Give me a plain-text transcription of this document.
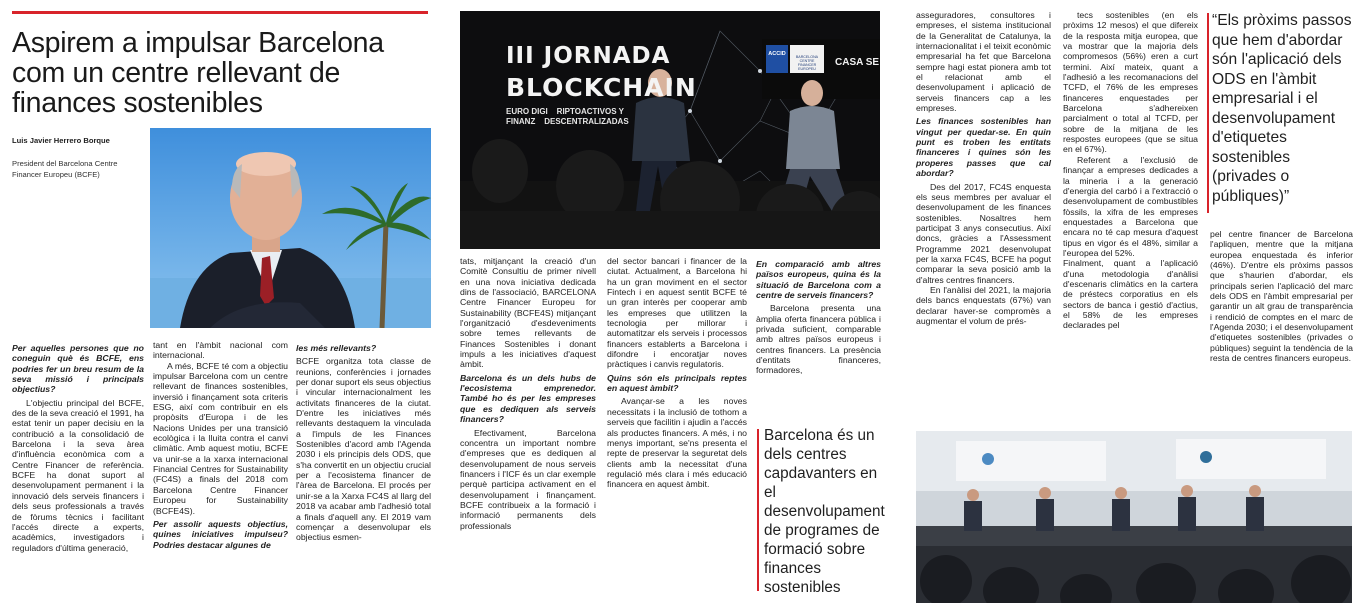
Aspirem a impulsar Barcelona com un centre rellevant de finances sostenibles
Luis Javier Herrero Borque
President del Barcelona Centre Financer Europeu (BCFE)
III JORNADA
BLOCKCHAIN
EURO DIGI    RIPTOACTIVOS Y
FINANZ    DESCENTRALIZADAS
ACCID	BARCELONA CENTRE FINANCER EUROPEU
CASA SE

Per aquelles persones que no coneguin què és BCFE, ens podries fer un breu resum de la seva missió i principals objectius?

L'objectiu principal del BCFE, des de la seva creació el 1991, ha estat tenir un paper decisiu en la contribució a la consolidació de Barcelona i la seva àrea d'influència econòmica com a Centre Financer de referència. BCFE ha donat suport al desenvolupament permanent i la innovació dels serveis financers i dels seus professionals a través de fòrums tècnics i facilitant l'accés directe a experts, acadèmics, investigadors i reguladors d'última generació,

tant en l'àmbit nacional com internacional.

A més, BCFE té com a objectiu impulsar Barcelona com un centre rellevant de finances sostenibles, inversió i finançament sota criteris ESG, així com contribuir en els propòsits d'Europa i de les Nacions Unides per una transició ecològica i la lluita contra el canvi climàtic. Amb aquest motiu, BCFE va unir-se a la xarxa internacional Financial Centres for Sustainability (FC4S) a finals del 2018 com Barcelona Centre Financer Europeu for Sustainability (BCFE4S).

Per assolir aquests objectius, quines iniciatives impulseu? Podries destacar algunes de

les més rellevants?

BCFE organitza tota classe de reunions, conferències i jornades per donar suport els seus objectius i vincular internacionalment les activitats financeres de la ciutat. D'entre les iniciatives més rellevants destaquem la vinculada a l'impuls de les Finances Sostenibles d'acord amb l'Agenda 2030 i els principis dels ODS, que s'ha convertit en un objectiu crucial per a l'ecosistema financer de l'àrea de Barcelona. El procés per unir-se a la Xarxa FC4S al llarg del 2018 va acabar amb l'adhesió total a finals d'aquell any. El 2019 vam començar a desenvolupar els objectius esmen-

tats, mitjançant la creació d'un Comitè Consultiu de primer nivell en una nova iniciativa dedicada dins de l'associació, BARCELONA Centre Financer Europeu for Sustainability (BCFE4S) mitjançant l'organització d'esdeveniments sobre temes rellevants de Finances Sostenibles i donant impuls a les iniciatives d'aquest àmbit.

Barcelona és un dels hubs de l'ecosistema emprenedor. També ho és per les empreses que es dediquen als serveis financers?

Efectivament, Barcelona concentra un important nombre d'empreses que es dediquen al desenvolupament de nous serveis financers i l'ICF és un clar exemple perquè participa activament en el desenvolupament i finançament. BCFE contribueix a la formació i informació permanents dels professionals

del sector bancari i financer de la ciutat. Actualment, a Barcelona hi ha un gran moviment en el sector Fintech i en aquest sentit BCFE té un gran interès per cooperar amb les empreses que utilitzen la tecnologia per millorar i automatitzar els serveis i processos financers establerts a Barcelona i difondre i encoratjar noves pràctiques i canvis regulatoris.

Quins són els principals reptes en aquest àmbit?

Avançar-se a les noves necessitats i la inclusió de tothom a serveis que facilitin i ajudin a l'accés als productes financers. A més, i no menys important, se'ns presenta el repte de preservar la seguretat dels clients amb la necessitat d'una regulació més clara i més educació financera en aquest àmbit.

En comparació amb altres països europeus, quina és la situació de Barcelona com a centre de serveis financers?

Barcelona presenta una àmplia oferta financera pública i privada suficient, comparable amb altres països europeus i centres financers. La presència d'entitats financeres, formadores,

asseguradores, consultores i empreses, el sistema institucional de la Generalitat de Catalunya, la internacionalitat i el teixit econòmic empresarial ha fet que Barcelona sempre hagi estat pionera amb tot el relacionat amb el desenvolupament i aplicació de serveis financers cap a les empreses.

Les finances sostenibles han vingut per quedar-se. En quin punt es troben les entitats financeres i quines són les properes passes que cal abordar?

Des del 2017, FC4S enquesta els seus membres per avaluar el desenvolupament de les finances sostenibles. Nosaltres hem participat 3 anys consecutius. Així doncs, gràcies a l'Assessment Programme 2021 desenvolupat per la xarxa FC4S, BCFE ha pogut comparar la seva posició amb la d'altres centres financers.

En l'anàlisi del 2021, la majoria dels bancs enquestats (67%) van declarar haver-se compromès a augmentar el volum de prés-

tecs sostenibles (en els pròxims 12 mesos) el que difereix de la resposta mitja europea, que va mostrar que la majoria dels compromesos (56%) eren a curt termini. Així mateix, quant a l'adhesió a les recomanacions del TCFD, el 76% de les empreses financeres enquestades per Barcelona s'adhereixen parcialment o total al TCFD, per sobre de la mitjana de les respostes europees (que se situa en el 67%).

Referent a l'exclusió de finançar a empreses dedicades a la mineria i a la generació d'energia del carbó i a l'extracció o desenvolupament de combustibles fòssils, la xifra de les empreses enquestades a Barcelona que encara no té cap mesura d'aquest tipus en vigor és el 48%, similar a l'europea del 52%.

Finalment, quant a l'aplicació d'una metodologia d'anàlisi d'escenaris climàtics en la cartera de préstecs corporatius en els sectors de banca i gestió d'actius, el 58% de les empreses declarades pel

pel centre financer de Barcelona l'apliquen, mentre que la mitjana europea enquestada és inferior (46%). D'entre els pròxims passos que s'haurien d'abordar, els principals serien l'aplicació del marc dels ODS en l'àmbit empresarial per garantir un alt grau de transparència i rendició de comptes en el marc de l'Agenda 2030; i el desenvolupament d'etiquetes sostenibles (privades o públiques) seguint la tendència de la resta de centres financers europeus.

Barcelona és un dels centres capdavanters en el desenvolupament de programes de formació sobre finances sostenibles
“Els pròxims passos que hem d'abordar són l'aplicació dels ODS en l'àmbit empresarial i el desenvolupament d'etiquetes sostenibles (privades o públiques)”
